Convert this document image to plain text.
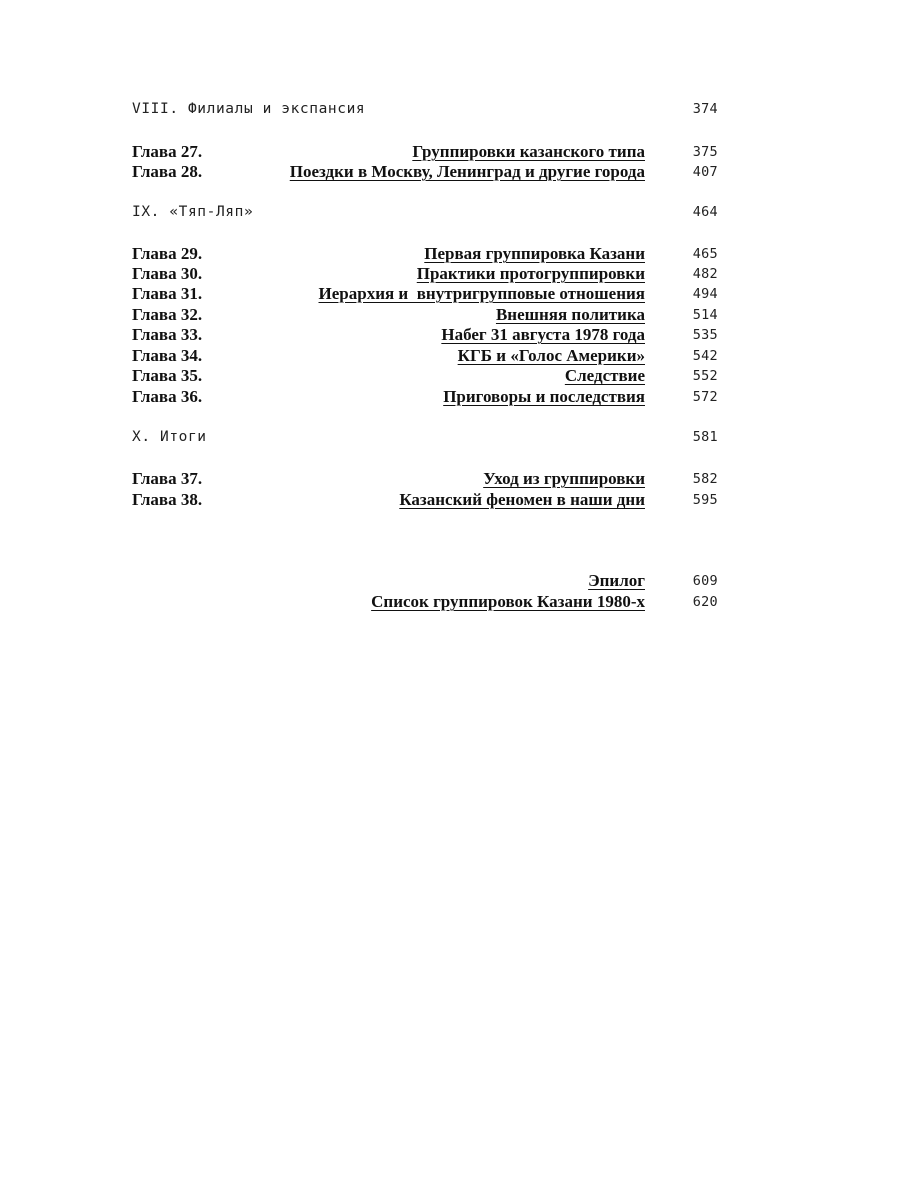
VIII. Филиалы и экспансия	374
Глава 27.	Группировки казанского типа	375
Глава 28.	Поездки в Москву, Ленинград и другие города	407
IX. «Тяп-Ляп»	464
Глава 29.	Первая группировка Казани	465
Глава 30.	Практики протогруппировки	482
Глава 31.	Иерархия и  внутригрупповые отношения	494
Глава 32.	Внешняя политика	514
Глава 33.	Набег 31 августа 1978 года	535
Глава 34.	КГБ и «Голос Америки»	542
Глава 35.	Следствие	552
Глава 36.	Приговоры и последствия	572
X. Итоги	581
Глава 37.	Уход из группировки	582
Глава 38.	Казанский феномен в наши дни	595
Эпилог	609
Список группировок Казани 1980-х	620
